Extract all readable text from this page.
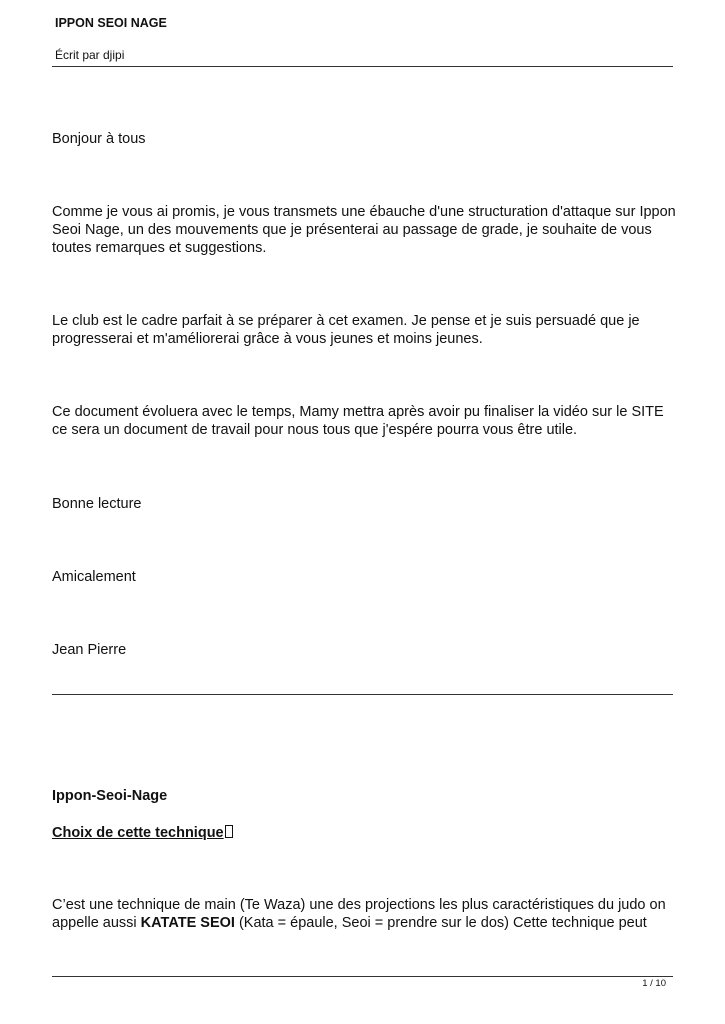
IPPON SEOI NAGE
Écrit par djipi
Bonjour à tous
Comme je vous ai promis, je vous transmets une ébauche d'une structuration d'attaque sur Ippon Seoi Nage, un des mouvements que je présenterai au passage de grade, je souhaite de vous toutes remarques et suggestions.
Le club est le cadre parfait à se préparer à cet examen. Je pense et je suis persuadé que je progresserai et m'améliorerai grâce à vous jeunes et moins jeunes.
Ce document évoluera avec le temps, Mamy mettra après avoir pu finaliser la vidéo sur le SITE ce sera un document de travail pour nous tous que j'espére pourra vous être utile.
Bonne lecture
Amicalement
Jean Pierre
Ippon-Seoi-Nage
Choix de cette technique
C’est une technique de main (Te Waza) une des projections les plus caractéristiques du judo on appelle aussi KATATE SEOI (Kata = épaule, Seoi = prendre sur le dos) Cette technique peut
1 / 10
